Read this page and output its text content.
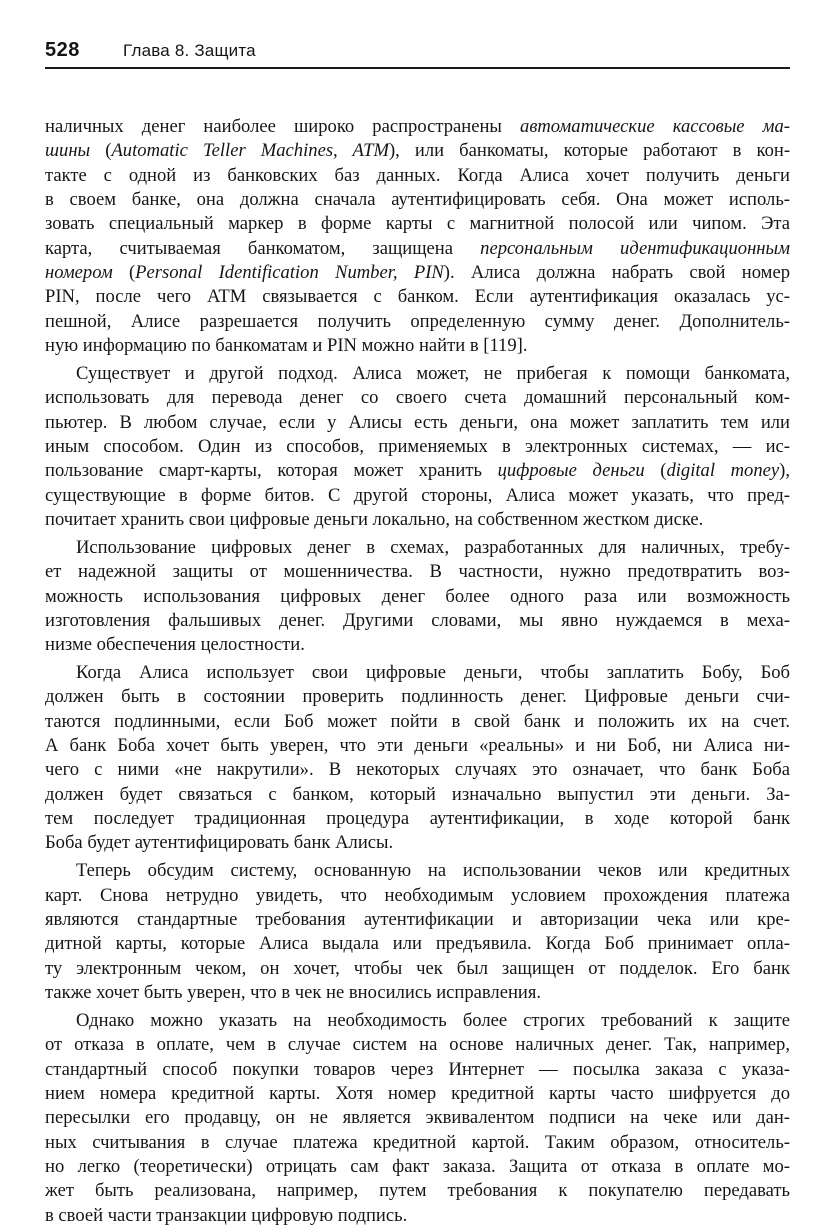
528	Глава 8. Защита
наличных денег наиболее широко распространены автоматические кассовые ма-
шины (Automatic Teller Machines, ATM), или банкоматы, которые работают в кон-
такте с одной из банковских баз данных. Когда Алиса хочет получить деньги
в своем банке, она должна сначала аутентифицировать себя. Она может исполь-
зовать специальный маркер в форме карты с магнитной полосой или чипом. Эта
карта, считываемая банкоматом, защищена персональным идентификационным
номером (Personal Identification Number, PIN). Алиса должна набрать свой номер
PIN, после чего ATM связывается с банком. Если аутентификация оказалась ус-
пешной, Алисе разрешается получить определенную сумму денег. Дополнитель-
ную информацию по банкоматам и PIN можно найти в [119].
Существует и другой подход. Алиса может, не прибегая к помощи банкомата,
использовать для перевода денег со своего счета домашний персональный ком-
пьютер. В любом случае, если у Алисы есть деньги, она может заплатить тем или
иным способом. Один из способов, применяемых в электронных системах, — ис-
пользование смарт-карты, которая может хранить цифровые деньги (digital money),
существующие в форме битов. С другой стороны, Алиса может указать, что пред-
почитает хранить свои цифровые деньги локально, на собственном жестком диске.
Использование цифровых денег в схемах, разработанных для наличных, требу-
ет надежной защиты от мошенничества. В частности, нужно предотвратить воз-
можность использования цифровых денег более одного раза или возможность
изготовления фальшивых денег. Другими словами, мы явно нуждаемся в меха-
низме обеспечения целостности.
Когда Алиса использует свои цифровые деньги, чтобы заплатить Бобу, Боб
должен быть в состоянии проверить подлинность денег. Цифровые деньги счи-
таются подлинными, если Боб может пойти в свой банк и положить их на счет.
А банк Боба хочет быть уверен, что эти деньги «реальны» и ни Боб, ни Алиса ни-
чего с ними «не накрутили». В некоторых случаях это означает, что банк Боба
должен будет связаться с банком, который изначально выпустил эти деньги. За-
тем последует традиционная процедура аутентификации, в ходе которой банк
Боба будет аутентифицировать банк Алисы.
Теперь обсудим систему, основанную на использовании чеков или кредитных
карт. Снова нетрудно увидеть, что необходимым условием прохождения платежа
являются стандартные требования аутентификации и авторизации чека или кре-
дитной карты, которые Алиса выдала или предъявила. Когда Боб принимает опла-
ту электронным чеком, он хочет, чтобы чек был защищен от подделок. Его банк
также хочет быть уверен, что в чек не вносились исправления.
Однако можно указать на необходимость более строгих требований к защите
от отказа в оплате, чем в случае систем на основе наличных денег. Так, например,
стандартный способ покупки товаров через Интернет — посылка заказа с указа-
нием номера кредитной карты. Хотя номер кредитной карты часто шифруется до
пересылки его продавцу, он не является эквивалентом подписи на чеке или дан-
ных считывания в случае платежа кредитной картой. Таким образом, относитель-
но легко (теоретически) отрицать сам факт заказа. Защита от отказа в оплате мо-
жет быть реализована, например, путем требования к покупателю передавать
в своей части транзакции цифровую подпись.
